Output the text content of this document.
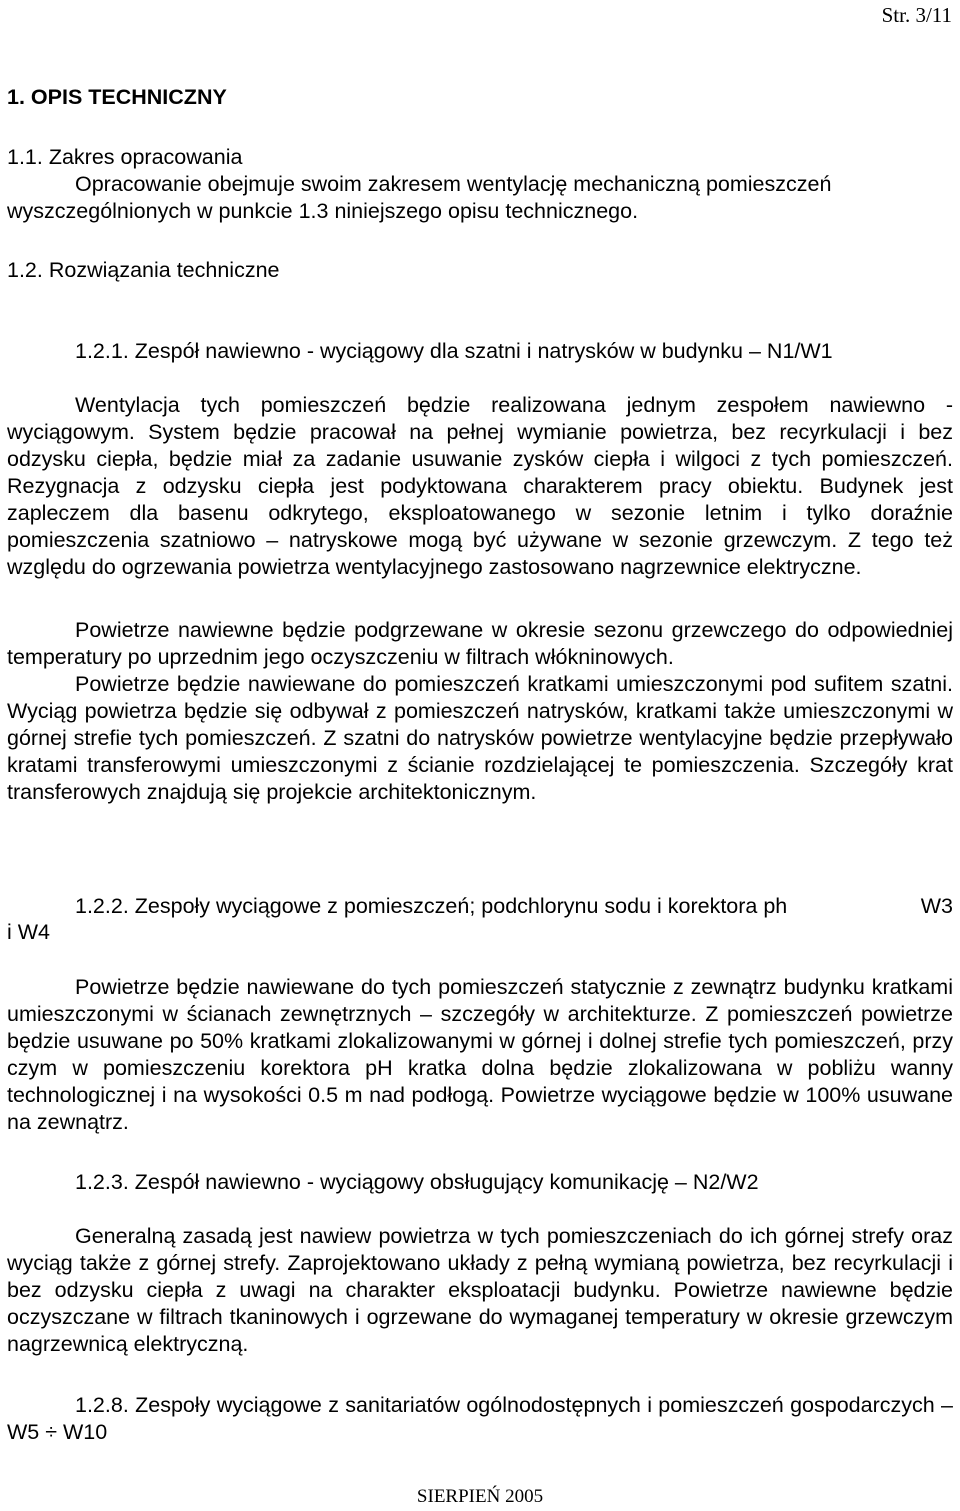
Str. 3/11
1. OPIS TECHNICZNY
1.1. Zakres opracowania
Opracowanie obejmuje swoim zakresem wentylację mechaniczną pomieszczeń
wyszczególnionych w punkcie 1.3 niniejszego opisu technicznego.
1.2. Rozwiązania techniczne
1.2.1. Zespół nawiewno - wyciągowy dla szatni i natrysków w budynku – N1/W1
Wentylacja tych pomieszczeń będzie realizowana jednym zespołem nawiewno - wyciągowym. System będzie pracował na pełnej wymianie powietrza, bez recyrkulacji i bez odzysku ciepła, będzie miał za zadanie usuwanie zysków ciepła i wilgoci z tych pomieszczeń. Rezygnacja z odzysku ciepła jest podyktowana charakterem pracy obiektu. Budynek jest zapleczem dla basenu odkrytego, eksploatowanego w sezonie letnim i tylko doraźnie pomieszczenia szatniowo – natryskowe mogą być używane w sezonie grzewczym. Z tego też względu do ogrzewania powietrza wentylacyjnego zastosowano nagrzewnice elektryczne.
Powietrze nawiewne będzie podgrzewane w okresie sezonu grzewczego do odpowiedniej temperatury po uprzednim jego oczyszczeniu w filtrach włókninowych.
Powietrze będzie nawiewane do pomieszczeń kratkami umieszczonymi pod sufitem szatni. Wyciąg powietrza będzie się odbywał z pomieszczeń natrysków, kratkami także umieszczonymi w górnej strefie tych pomieszczeń. Z szatni do natrysków powietrze wentylacyjne będzie przepływało kratami transferowymi umieszczonymi z ścianie rozdzielającej te pomieszczenia. Szczegóły krat transferowych znajdują się projekcie architektonicznym.
1.2.2. Zespoły wyciągowe z pomieszczeń; podchlorynu sodu i korektora ph	W3
i W4
Powietrze będzie nawiewane do tych pomieszczeń statycznie z zewnątrz budynku kratkami umieszczonymi w ścianach zewnętrznych – szczegóły w architekturze. Z pomieszczeń powietrze będzie usuwane po 50% kratkami zlokalizowanymi w górnej i dolnej strefie tych pomieszczeń, przy czym w pomieszczeniu korektora pH kratka dolna będzie zlokalizowana w pobliżu wanny technologicznej i na wysokości 0.5 m nad podłogą. Powietrze wyciągowe będzie w 100% usuwane na zewnątrz.
1.2.3. Zespół nawiewno - wyciągowy obsługujący komunikację – N2/W2
Generalną zasadą jest nawiew powietrza w tych pomieszczeniach do ich górnej strefy oraz wyciąg także z górnej strefy. Zaprojektowano układy z pełną wymianą powietrza, bez recyrkulacji i bez odzysku ciepła z uwagi na charakter eksploatacji budynku. Powietrze nawiewne będzie oczyszczane w filtrach tkaninowych i ogrzewane do wymaganej temperatury w okresie grzewczym nagrzewnicą elektryczną.
1.2.8. Zespoły wyciągowe z sanitariatów ogólnodostępnych i pomieszczeń gospodarczych – W5 ÷ W10
SIERPIEŃ 2005
